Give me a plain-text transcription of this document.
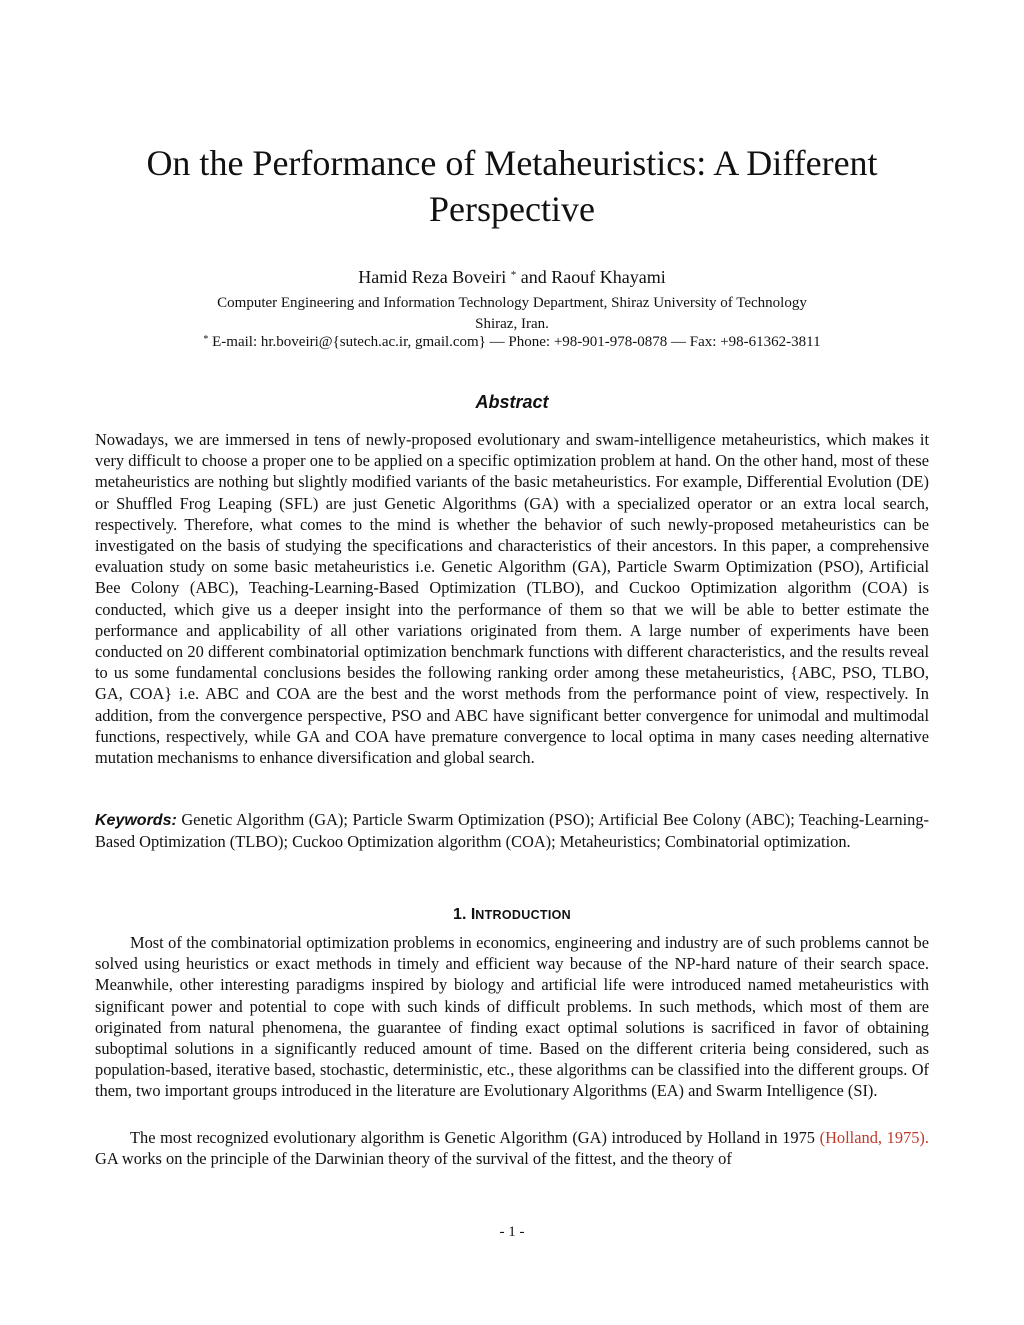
On the Performance of Metaheuristics: A Different Perspective
Hamid Reza Boveiri * and Raouf Khayami
Computer Engineering and Information Technology Department, Shiraz University of Technology
Shiraz, Iran.
* E-mail: hr.boveiri@{sutech.ac.ir, gmail.com} — Phone: +98-901-978-0878 — Fax: +98-61362-3811
Abstract

Nowadays, we are immersed in tens of newly-proposed evolutionary and swam-intelligence metaheuristics, which makes it very difficult to choose a proper one to be applied on a specific optimization problem at hand. On the other hand, most of these metaheuristics are nothing but slightly modified variants of the basic metaheuristics. For example, Differential Evolution (DE) or Shuffled Frog Leaping (SFL) are just Genetic Algorithms (GA) with a specialized operator or an extra local search, respectively. Therefore, what comes to the mind is whether the behavior of such newly-proposed metaheuristics can be investigated on the basis of studying the specifications and characteristics of their ancestors. In this paper, a comprehensive evaluation study on some basic metaheuristics i.e. Genetic Algorithm (GA), Particle Swarm Optimization (PSO), Artificial Bee Colony (ABC), Teaching-Learning-Based Optimization (TLBO), and Cuckoo Optimization algorithm (COA) is conducted, which give us a deeper insight into the performance of them so that we will be able to better estimate the performance and applicability of all other variations originated from them. A large number of experiments have been conducted on 20 different combinatorial optimization benchmark functions with different characteristics, and the results reveal to us some fundamental conclusions besides the following ranking order among these metaheuristics, {ABC, PSO, TLBO, GA, COA} i.e. ABC and COA are the best and the worst methods from the performance point of view, respectively. In addition, from the convergence perspective, PSO and ABC have significant better convergence for unimodal and multimodal functions, respectively, while GA and COA have premature convergence to local optima in many cases needing alternative mutation mechanisms to enhance diversification and global search.

Keywords: Genetic Algorithm (GA); Particle Swarm Optimization (PSO); Artificial Bee Colony (ABC); Teaching-Learning-Based Optimization (TLBO); Cuckoo Optimization algorithm (COA); Metaheuristics; Combinatorial optimization.

1. INTRODUCTION

Most of the combinatorial optimization problems in economics, engineering and industry are of such problems cannot be solved using heuristics or exact methods in timely and efficient way because of the NP-hard nature of their search space. Meanwhile, other interesting paradigms inspired by biology and artificial life were introduced named metaheuristics with significant power and potential to cope with such kinds of difficult problems. In such methods, which most of them are originated from natural phenomena, the guarantee of finding exact optimal solutions is sacrificed in favor of obtaining suboptimal solutions in a significantly reduced amount of time. Based on the different criteria being considered, such as population-based, iterative based, stochastic, deterministic, etc., these algorithms can be classified into the different groups. Of them, two important groups introduced in the literature are Evolutionary Algorithms (EA) and Swarm Intelligence (SI).

The most recognized evolutionary algorithm is Genetic Algorithm (GA) introduced by Holland in 1975 (Holland, 1975). GA works on the principle of the Darwinian theory of the survival of the fittest, and the theory of

- 1 -
